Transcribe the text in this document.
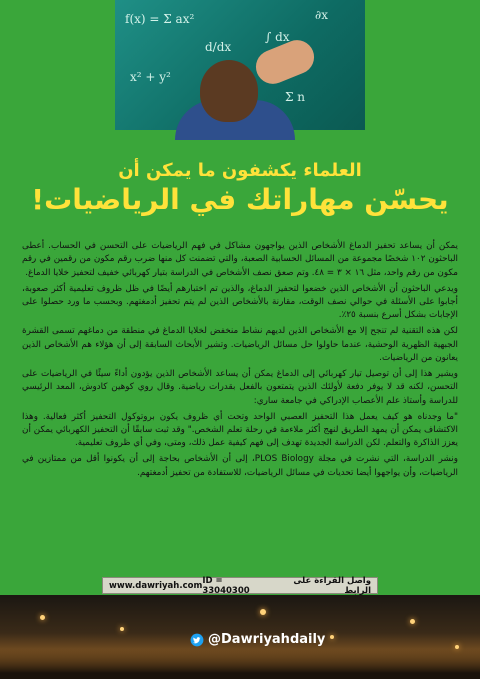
f(x) = Σ ax²
∫ dx
∂x
x² + y²
Σ n
d/dx
العلماء يكشفون ما يمكن أن
يحسّن مهاراتك في الرياضيات!

يمكن أن يساعد تحفيز الدماغ الأشخاص الذين يواجهون مشاكل في فهم الرياضيات على التحسن في الحساب. أعطى الباحثون ١٠٢ شخصًا مجموعة من المسائل الحسابية الصعبة، والتي تضمنت كل منها ضرب رقم مكون من رقمين في رقم مكون من رقم واحد، مثل ١٦ × ٣ = ٤٨. وتم صعق نصف الأشخاص في الدراسة بتيار كهربائي خفيف لتحفيز خلايا الدماغ.

ويدعي الباحثون أن الأشخاص الذين خضعوا لتحفيز الدماغ، والذين تم اختبارهم أيضًا في ظل ظروف تعليمية أكثر صعوبة، أجابوا على الأسئلة في حوالي نصف الوقت، مقارنة بالأشخاص الذين لم يتم تحفيز أدمغتهم. وبحسب ما ورد حصلوا على الإجابات بشكل أسرع بنسبة ٢٥٪.

لكن هذه التقنية لم تنجح إلا مع الأشخاص الذين لديهم نشاط منخفض لخلايا الدماغ في منطقة من دماغهم تسمى القشرة الجبهية الظهرية الوحشية، عندما حاولوا حل مسائل الرياضيات. وتشير الأبحاث السابقة إلى أن هؤلاء هم الأشخاص الذين يعانون من الرياضيات.

ويشير هذا إلى أن توصيل تيار كهربائي إلى الدماغ يمكن أن يساعد الأشخاص الذين يؤدون أداءً سيئًا في الرياضيات على التحسن، لكنه قد لا يوفر دفعة لأولئك الذين يتمتعون بالفعل بقدرات رياضية. وقال روي كوهين كادوش، المعد الرئيسي للدراسة وأستاذ علم الأعصاب الإدراكي في جامعة ساري:

"ما وجدناه هو كيف يعمل هذا التحفيز العصبي الواحد وتحت أي ظروف يكون بروتوكول التحفيز أكثر فعالية. وهذا الاكتشاف يمكن أن يمهد الطريق لنهج أكثر ملاءمة في رحلة تعلم الشخص." وقد ثبت سابقًا أن التحفيز الكهربائي يمكن أن يعزز الذاكرة والتعلم. لكن الدراسة الجديدة تهدف إلى فهم كيفية عمل ذلك، ومتى، وفي أي ظروف تعليمية.

ونشر الدراسة، التي نشرت في مجلة PLOS Biology، إلى أن الأشخاص بحاجة إلى أن يكونوا أقل من ممتازين في الرياضيات، وأن يواجهوا أيضا تحديات في مسائل الرياضيات، للاستفادة من تحفيز أدمغتهم.

www.dawriyah.com ID = 33040300
واصل القراءة على الرابط
@Dawriyahdaily
